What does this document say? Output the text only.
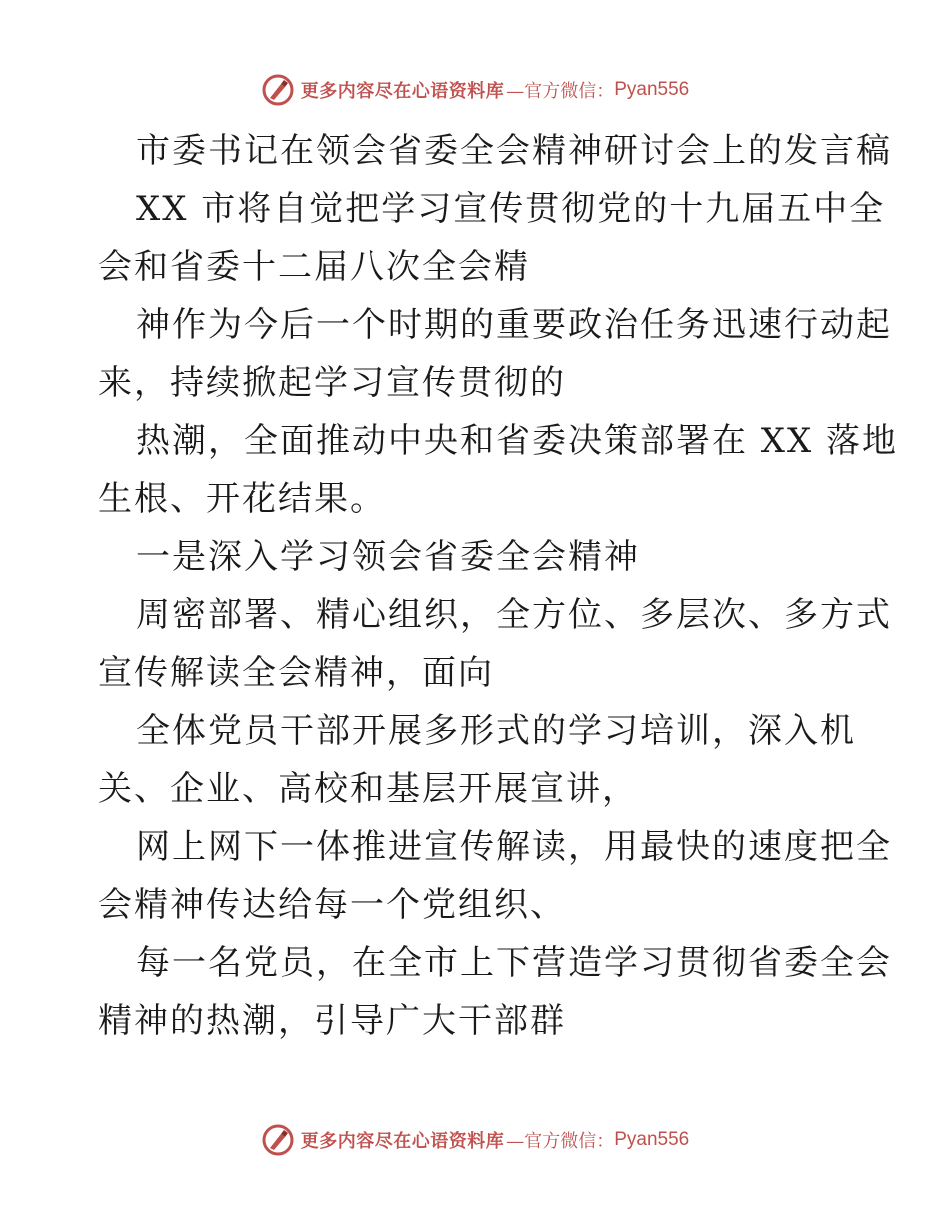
更多内容尽在心语资料库 —官方微信： Pyan556
市委书记在领会省委全会精神研讨会上的发言稿
XX 市将自觉把学习宣传贯彻党的十九届五中全
会和省委十二届八次全会精
神作为今后一个时期的重要政治任务迅速行动起
来，持续掀起学习宣传贯彻的
热潮，全面推动中央和省委决策部署在 XX 落地
生根、开花结果。
一是深入学习领会省委全会精神
周密部署、精心组织，全方位、多层次、多方式
宣传解读全会精神，面向
全体党员干部开展多形式的学习培训，深入机
关、企业、高校和基层开展宣讲，
网上网下一体推进宣传解读，用最快的速度把全
会精神传达给每一个党组织、
每一名党员，在全市上下营造学习贯彻省委全会
精神的热潮，引导广大干部群
更多内容尽在心语资料库 —官方微信： Pyan556
